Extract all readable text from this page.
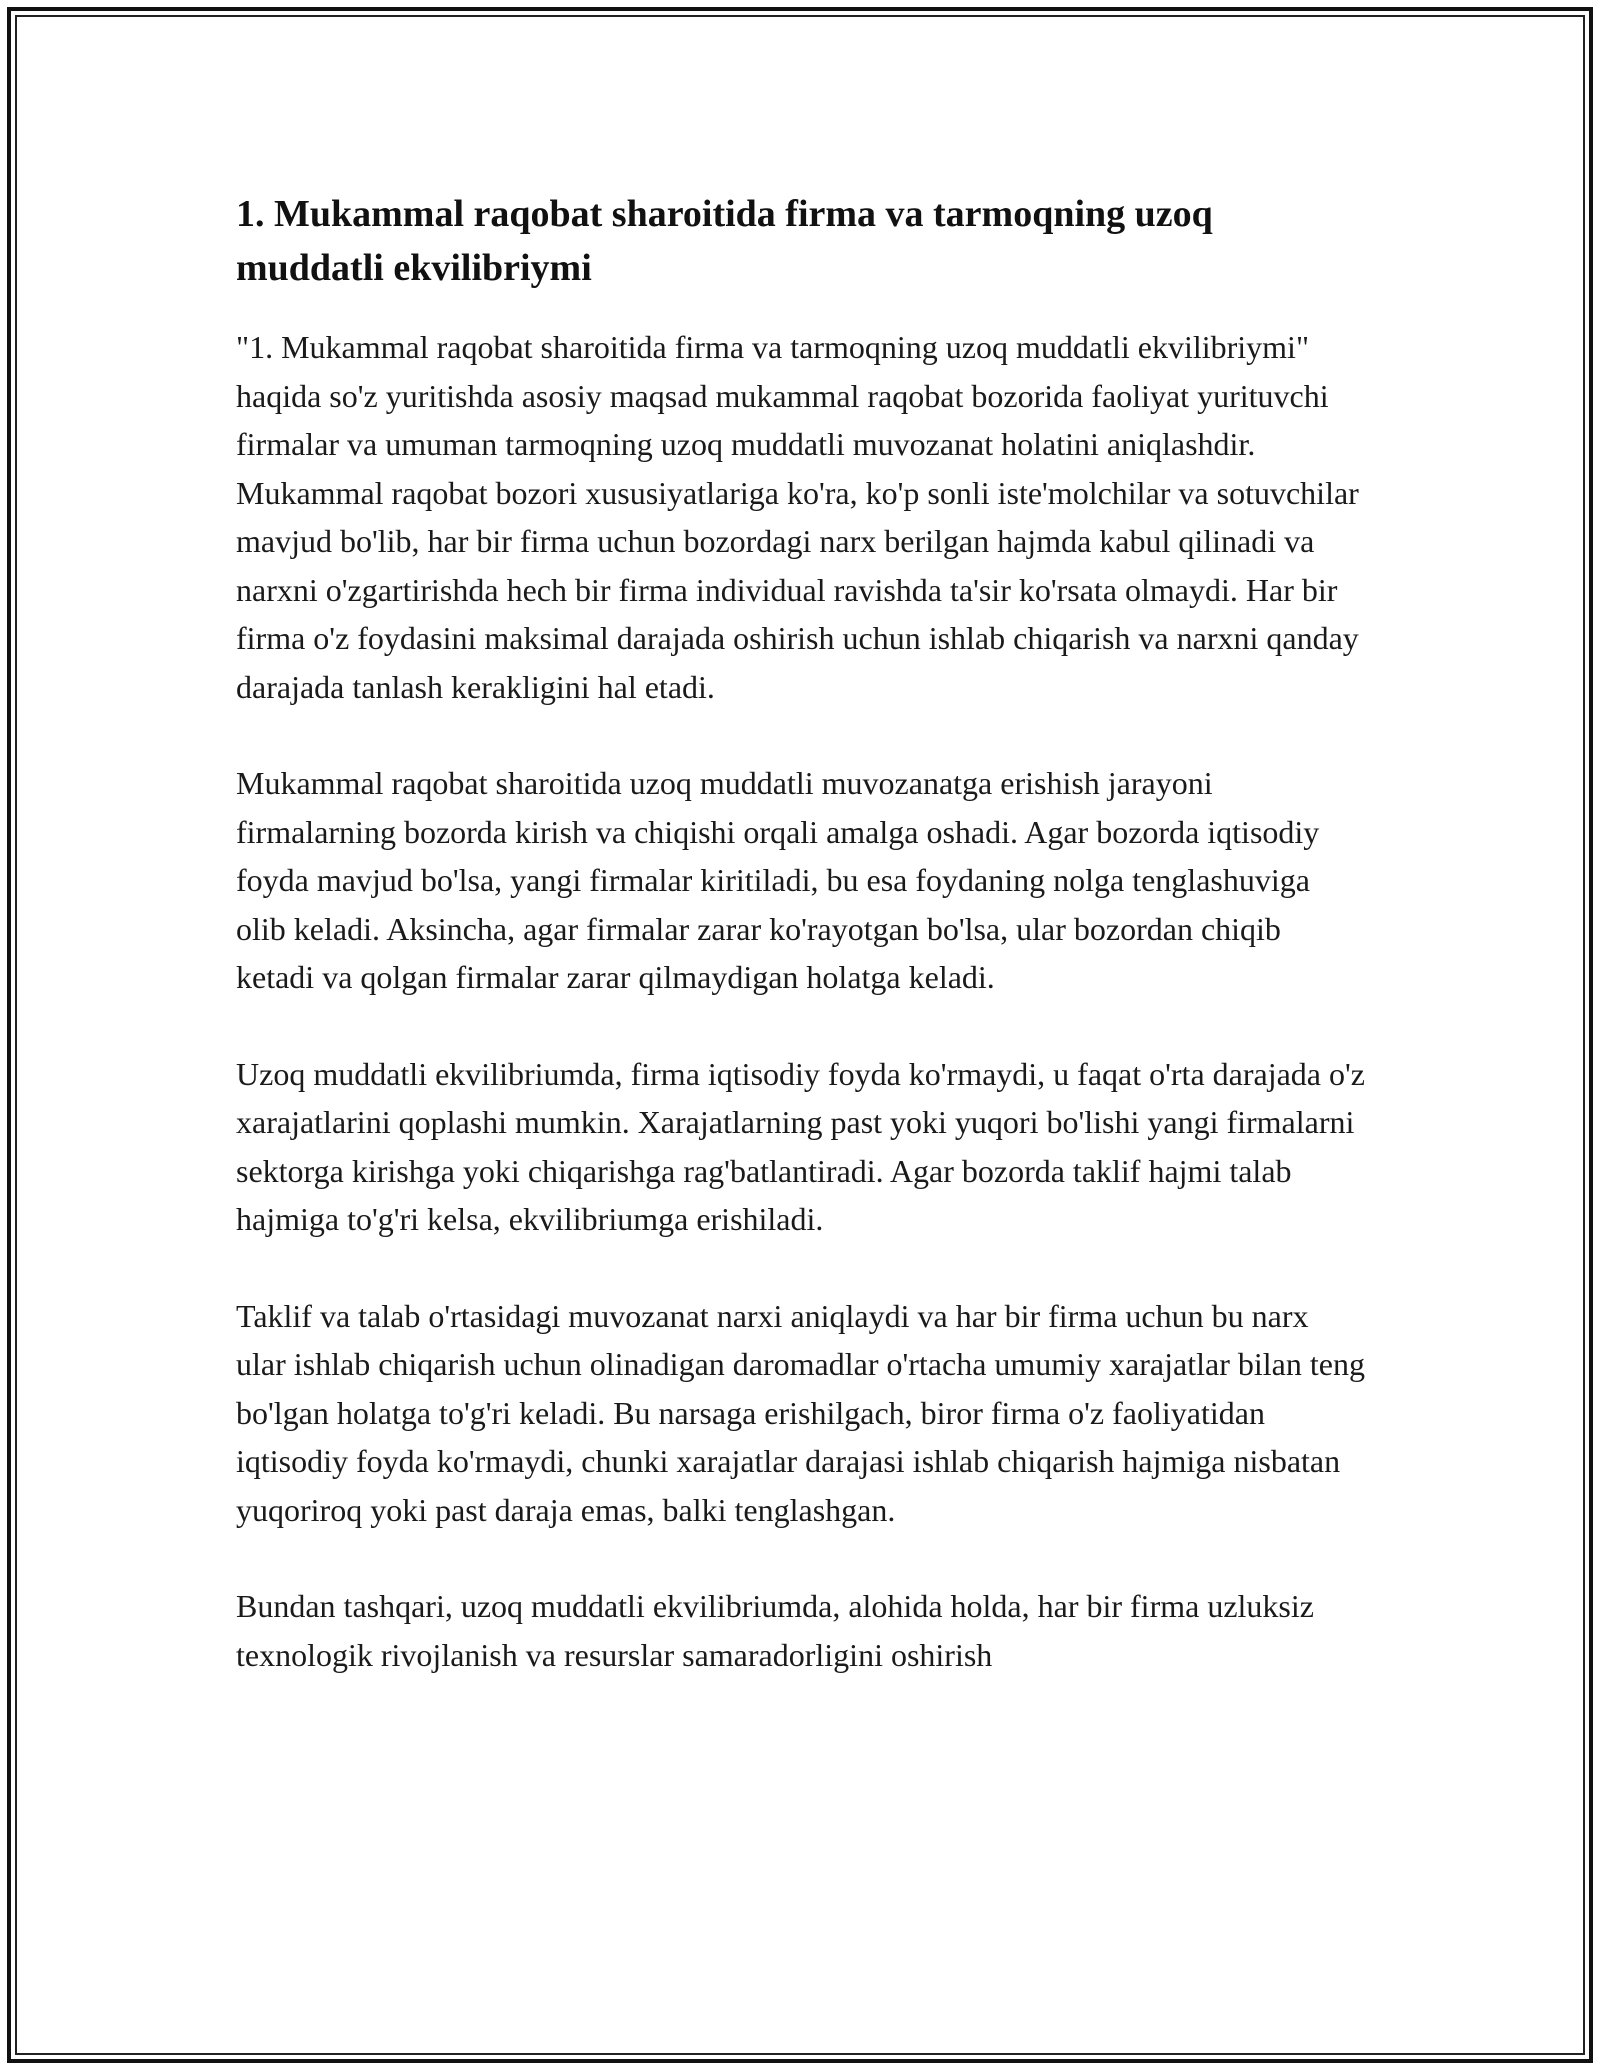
1. Mukammal raqobat sharoitida firma va tarmoqning uzoq muddatli ekvilibriymi

"1. Mukammal raqobat sharoitida firma va tarmoqning uzoq muddatli ekvilibriymi" haqida so'z yuritishda asosiy maqsad mukammal raqobat bozorida faoliyat yurituvchi firmalar va umuman tarmoqning uzoq muddatli muvozanat holatini aniqlashdir. Mukammal raqobat bozori xususiyatlariga ko'ra, ko'p sonli iste'molchilar va sotuvchilar mavjud bo'lib, har bir firma uchun bozordagi narx berilgan hajmda kabul qilinadi va narxni o'zgartirishda hech bir firma individual ravishda ta'sir ko'rsata olmaydi. Har bir firma o'z foydasini maksimal darajada oshirish uchun ishlab chiqarish va narxni qanday darajada tanlash kerakligini hal etadi.

Mukammal raqobat sharoitida uzoq muddatli muvozanatga erishish jarayoni firmalarning bozorda kirish va chiqishi orqali amalga oshadi. Agar bozorda iqtisodiy foyda mavjud bo'lsa, yangi firmalar kiritiladi, bu esa foydaning nolga tenglashuviga olib keladi. Aksincha, agar firmalar zarar ko'rayotgan bo'lsa, ular bozordan chiqib ketadi va qolgan firmalar zarar qilmaydigan holatga keladi.

Uzoq muddatli ekvilibriumda, firma iqtisodiy foyda ko'rmaydi, u faqat o'rta darajada o'z xarajatlarini qoplashi mumkin. Xarajatlarning past yoki yuqori bo'lishi yangi firmalarni sektorga kirishga yoki chiqarishga rag'batlantiradi. Agar bozorda taklif hajmi talab hajmiga to'g'ri kelsa, ekvilibriumga erishiladi.

Taklif va talab o'rtasidagi muvozanat narxi aniqlaydi va har bir firma uchun bu narx ular ishlab chiqarish uchun olinadigan daromadlar o'rtacha umumiy xarajatlar bilan teng bo'lgan holatga to'g'ri keladi. Bu narsaga erishilgach, biror firma o'z faoliyatidan iqtisodiy foyda ko'rmaydi, chunki xarajatlar darajasi ishlab chiqarish hajmiga nisbatan yuqoriroq yoki past daraja emas, balki tenglashgan.

Bundan tashqari, uzoq muddatli ekvilibriumda, alohida holda, har bir firma uzluksiz texnologik rivojlanish va resurslar samaradorligini oshirish
